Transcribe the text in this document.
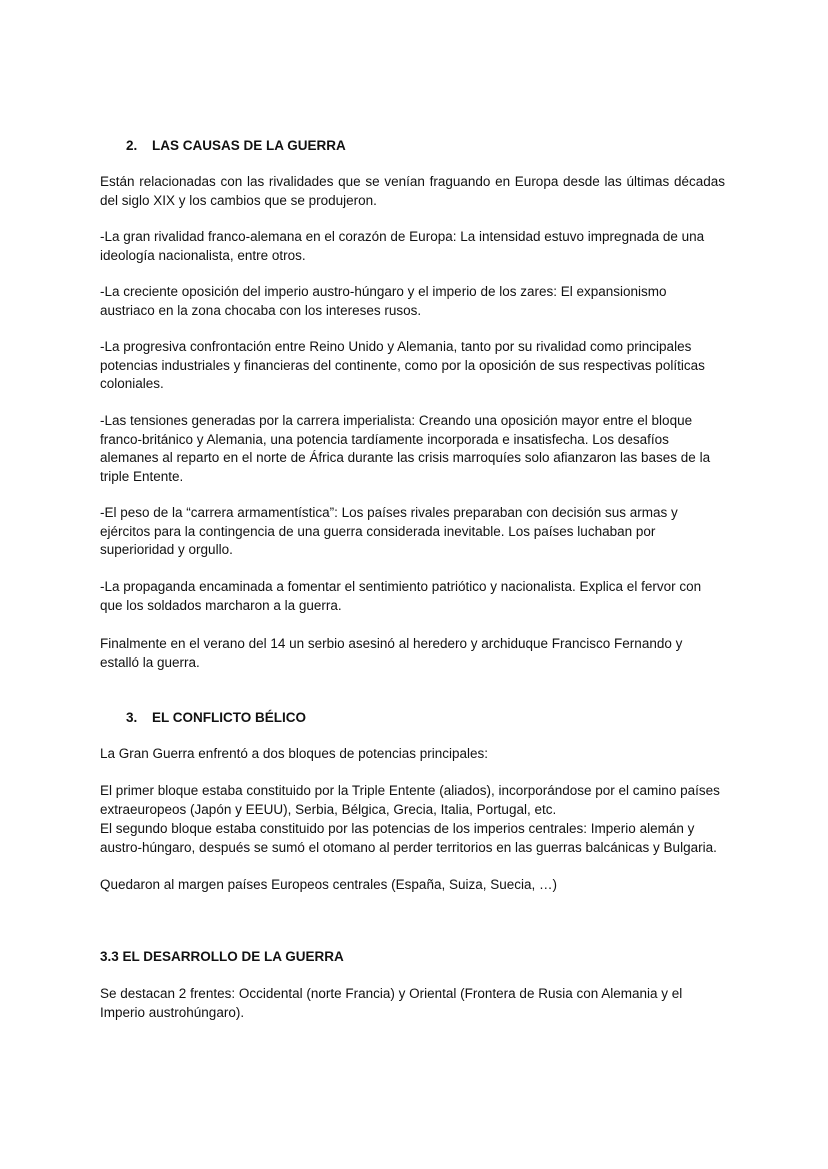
2. LAS CAUSAS DE LA GUERRA

Están relacionadas con las rivalidades que se venían fraguando en Europa desde las últimas décadas del siglo XIX y los cambios que se produjeron.

-La gran rivalidad franco-alemana en el corazón de Europa: La intensidad estuvo impregnada de una ideología nacionalista, entre otros.

-La creciente oposición del imperio austro-húngaro y el imperio de los zares: El expansionismo austriaco en la zona chocaba con los intereses rusos.

-La progresiva confrontación entre Reino Unido y Alemania, tanto por su rivalidad como principales potencias industriales y financieras del continente, como por la oposición de sus respectivas políticas coloniales.

-Las tensiones generadas por la carrera imperialista: Creando una oposición mayor entre el bloque franco-británico y Alemania, una potencia tardíamente incorporada e insatisfecha. Los desafíos alemanes al reparto en el norte de África durante las crisis marroquíes solo afianzaron las bases de la triple Entente.

-El peso de la “carrera armamentística”: Los países rivales preparaban con decisión sus armas y ejércitos para la contingencia de una guerra considerada inevitable. Los países luchaban por superioridad y orgullo.

-La propaganda encaminada a fomentar el sentimiento patriótico y nacionalista. Explica el fervor con que los soldados marcharon a la guerra.

Finalmente en el verano del 14 un serbio asesinó al heredero y archiduque Francisco Fernando y estalló la guerra.

3. EL CONFLICTO BÉLICO

La Gran Guerra enfrentó a dos bloques de potencias principales:

El primer bloque estaba constituido por la Triple Entente (aliados), incorporándose por el camino países extraeuropeos (Japón y EEUU), Serbia, Bélgica, Grecia, Italia, Portugal, etc.

El segundo bloque estaba constituido por las potencias de los imperios centrales: Imperio alemán y austro-húngaro, después se sumó el otomano al perder territorios en las guerras balcánicas y Bulgaria.

Quedaron al margen países Europeos centrales (España, Suiza, Suecia, …)

3.3 EL DESARROLLO DE LA GUERRA

Se destacan 2 frentes: Occidental (norte Francia) y Oriental (Frontera de Rusia con Alemania y el Imperio austrohúngaro).
